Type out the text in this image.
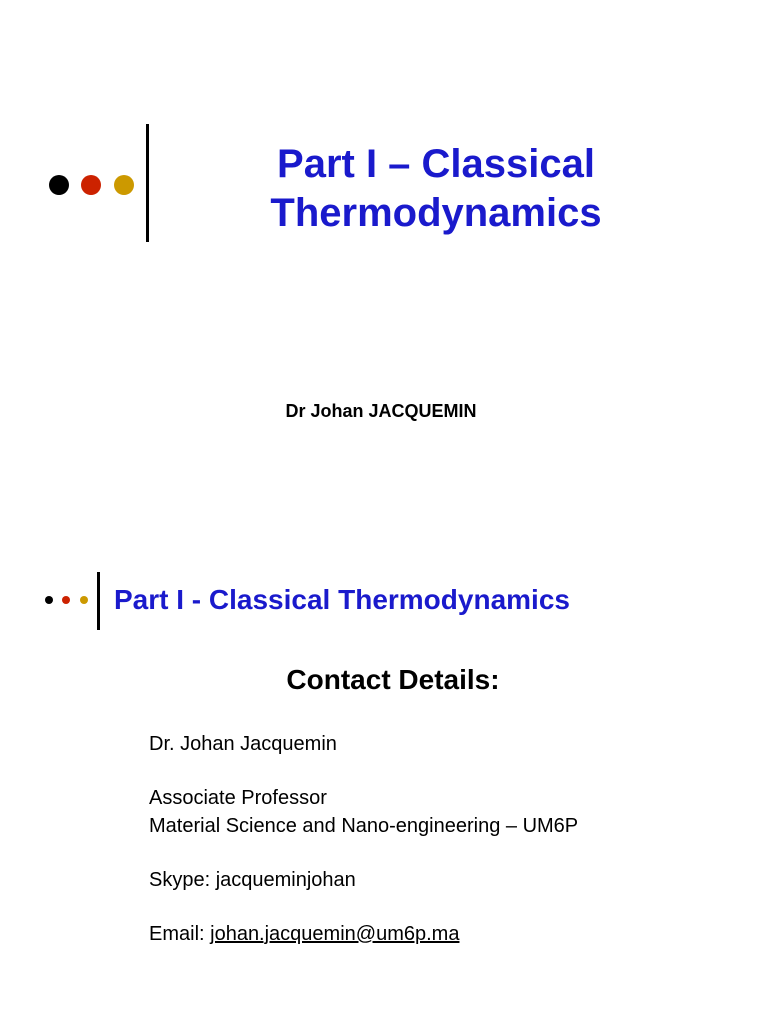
Part I – Classical
Thermodynamics

Dr Johan JACQUEMIN

Part I - Classical Thermodynamics
Contact Details:
Dr. Johan Jacquemin
Associate Professor
Material Science and Nano-engineering – UM6P
Skype: jacqueminjohan
Email: johan.jacquemin@um6p.ma
